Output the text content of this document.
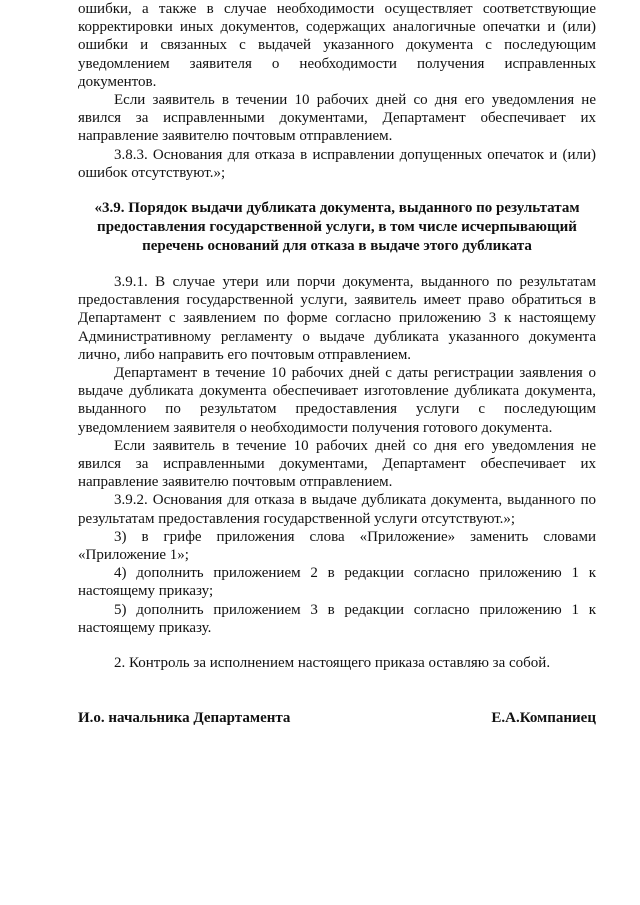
ошибки, а также в случае необходимости осуществляет соответствующие корректировки иных документов, содержащих аналогичные опечатки и (или) ошибки и связанных с выдачей указанного документа с последующим уведомлением заявителя о необходимости получения исправленных документов.

Если заявитель в течении 10 рабочих дней со дня его уведомления не явился за исправленными документами, Департамент обеспечивает их направление заявителю почтовым отправлением.

3.8.3. Основания для отказа в исправлении допущенных опечаток и (или) ошибок отсутствуют.»;

«3.9. Порядок выдачи дубликата документа, выданного по результатам предоставления государственной услуги, в том числе исчерпывающий перечень оснований для отказа в выдаче этого дубликата

3.9.1. В случае утери или порчи документа, выданного по результатам предоставления государственной услуги, заявитель имеет право обратиться в Департамент с заявлением по форме согласно приложению 3 к настоящему Административному регламенту о выдаче дубликата указанного документа лично, либо направить его почтовым отправлением.

Департамент в течение 10 рабочих дней с даты регистрации заявления о выдаче дубликата документа обеспечивает изготовление дубликата документа, выданного по результатом предоставления услуги с последующим уведомлением заявителя о необходимости получения готового документа.

Если заявитель в течение 10 рабочих дней со дня его уведомления не явился за исправленными документами, Департамент обеспечивает их направление заявителю почтовым отправлением.

3.9.2. Основания для отказа в выдаче дубликата документа, выданного по результатам предоставления государственной услуги отсутствуют.»;

3) в грифе приложения слова «Приложение» заменить словами «Приложение 1»;

4) дополнить приложением 2 в редакции согласно приложению 1 к настоящему приказу;

5) дополнить приложением 3 в редакции согласно приложению 1 к настоящему приказу.

2. Контроль за исполнением настоящего приказа оставляю за собой.

И.о. начальника Департамента	Е.А.Компаниец
